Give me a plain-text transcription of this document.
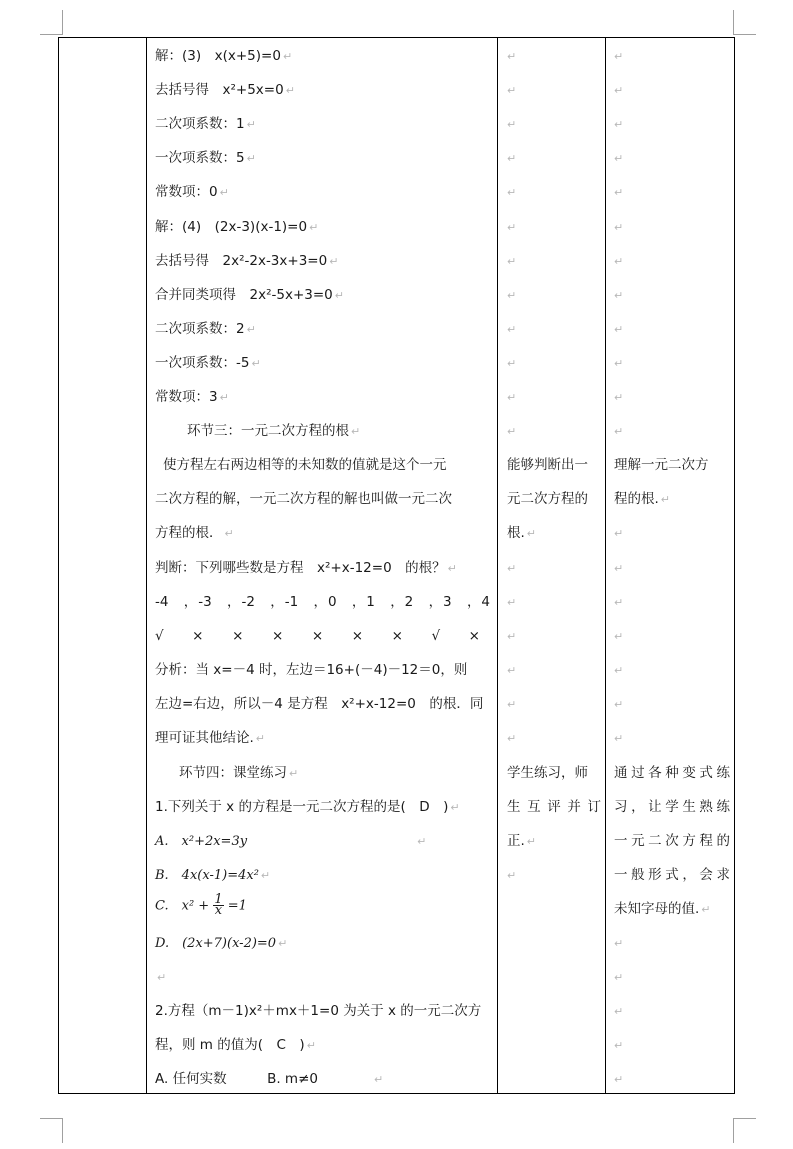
解：(3)　x(x+5)=0 ↵
去括号得　x²+5x=0 ↵
二次项系数：1 ↵
一次项系数：5 ↵
常数项：0 ↵
解：(4)　(2x-3)(x-1)=0 ↵
去括号得　2x²-2x-3x+3=0 ↵
合并同类项得　2x²-5x+3=0 ↵
二次项系数：2 ↵
一次项系数：-5 ↵
常数项：3 ↵
环节三：一元二次方程的根 ↵
使方程左右两边相等的未知数的值就是这个一元
二次方程的解，一元二次方程的解也叫做一元二次
方程的根． ↵
判断：下列哪些数是方程　x²+x-12=0　的根？ ↵
-4　，-3　，-2　，-1　，0　，1　，2　，3　，4
√　×　×　×　×　×　×　√　×
分析：当 x=－4 时，左边＝16+(－4)－12＝0，则
左边=右边，所以－4 是方程　x²+x-12=0　的根．同
理可证其他结论. ↵
环节四：课堂练习 ↵
1.下列关于 x 的方程是一元二次方程的是(　D　) ↵
A.　x²+2x=3y	↵
B.　4x(x-1)=4x² ↵
C.　$x^2 + \frac{1}{x} =1$
D.　(2x+7)(x-2)=0 ↵
↵
2.方程（m－1)x²＋mx＋1=0 为关于 x 的一元二次方
程，则 m 的值为(　C　) ↵
A. 任何实数　　　B. m≠0	↵
↵
↵
↵
↵
↵
↵
↵
↵
↵
↵
↵
↵
能够判断出一
元二次方程的
根. ↵
↵
↵
↵
↵
↵
↵
学生练习，师
生互评并订
正. ↵
↵
↵
↵
↵
↵
↵
↵
↵
↵
↵
↵
↵
↵
理解一元二次方
程的根. ↵
↵
↵
↵
↵
↵
↵
↵
通过各种变式练
习，让学生熟练
一元二次方程的
一般形式，会求
未知字母的值. ↵
↵
↵
↵
↵
↵
